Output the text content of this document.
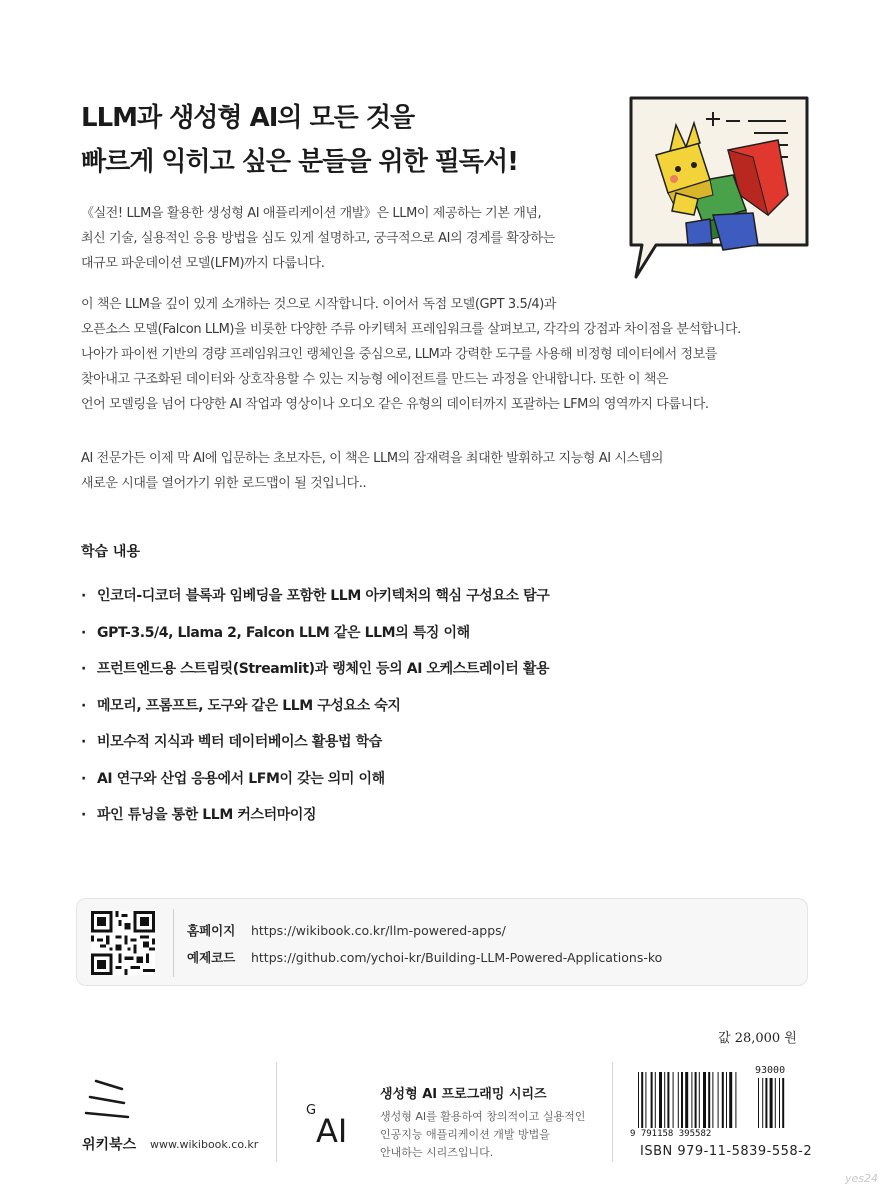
LLM과 생성형 AI의 모든 것을
빠르게 익히고 싶은 분들을 위한 필독서!
《실전! LLM을 활용한 생성형 AI 애플리케이션 개발》은 LLM이 제공하는 기본 개념,
최신 기술, 실용적인 응용 방법을 심도 있게 설명하고, 궁극적으로 AI의 경계를 확장하는
대규모 파운데이션 모델(LFM)까지 다룹니다.
이 책은 LLM을 깊이 있게 소개하는 것으로 시작합니다. 이어서 독점 모델(GPT 3.5/4)과
오픈소스 모델(Falcon LLM)을 비롯한 다양한 주류 아키텍처 프레임워크를 살펴보고, 각각의 강점과 차이점을 분석합니다.
나아가 파이썬 기반의 경량 프레임워크인 랭체인을 중심으로, LLM과 강력한 도구를 사용해 비정형 데이터에서 정보를
찾아내고 구조화된 데이터와 상호작용할 수 있는 지능형 에이전트를 만드는 과정을 안내합니다. 또한 이 책은
언어 모델링을 넘어 다양한 AI 작업과 영상이나 오디오 같은 유형의 데이터까지 포괄하는 LFM의 영역까지 다룹니다.
AI 전문가든 이제 막 AI에 입문하는 초보자든, 이 책은 LLM의 잠재력을 최대한 발휘하고 지능형 AI 시스템의
새로운 시대를 열어가기 위한 로드맵이 될 것입니다..
학습 내용
· 인코더-디코더 블록과 임베딩을 포함한 LLM 아키텍처의 핵심 구성요소 탐구
· GPT-3.5/4, Llama 2, Falcon LLM 같은 LLM의 특징 이해
· 프런트엔드용 스트림릿(Streamlit)과 랭체인 등의 AI 오케스트레이터 활용
· 메모리, 프롬프트, 도구와 같은 LLM 구성요소 숙지
· 비모수적 지식과 벡터 데이터베이스 활용법 학습
· AI 연구와 산업 응용에서 LFM이 갖는 의미 이해
· 파인 튜닝을 통한 LLM 커스터마이징
홈페이지 https://wikibook.co.kr/llm-powered-apps/
예제코드 https://github.com/ychoi-kr/Building-LLM-Powered-Applications-ko
값 28,000 원
위키북스 www.wikibook.co.kr
G
AI
생성형 AI 프로그래밍 시리즈
생성형 AI를 활용하여 창의적이고 실용적인
인공지능 애플리케이션 개발 방법을
안내하는 시리즈입니다.
9 791158 395582
93000
ISBN 979-11-5839-558-2
yes24
